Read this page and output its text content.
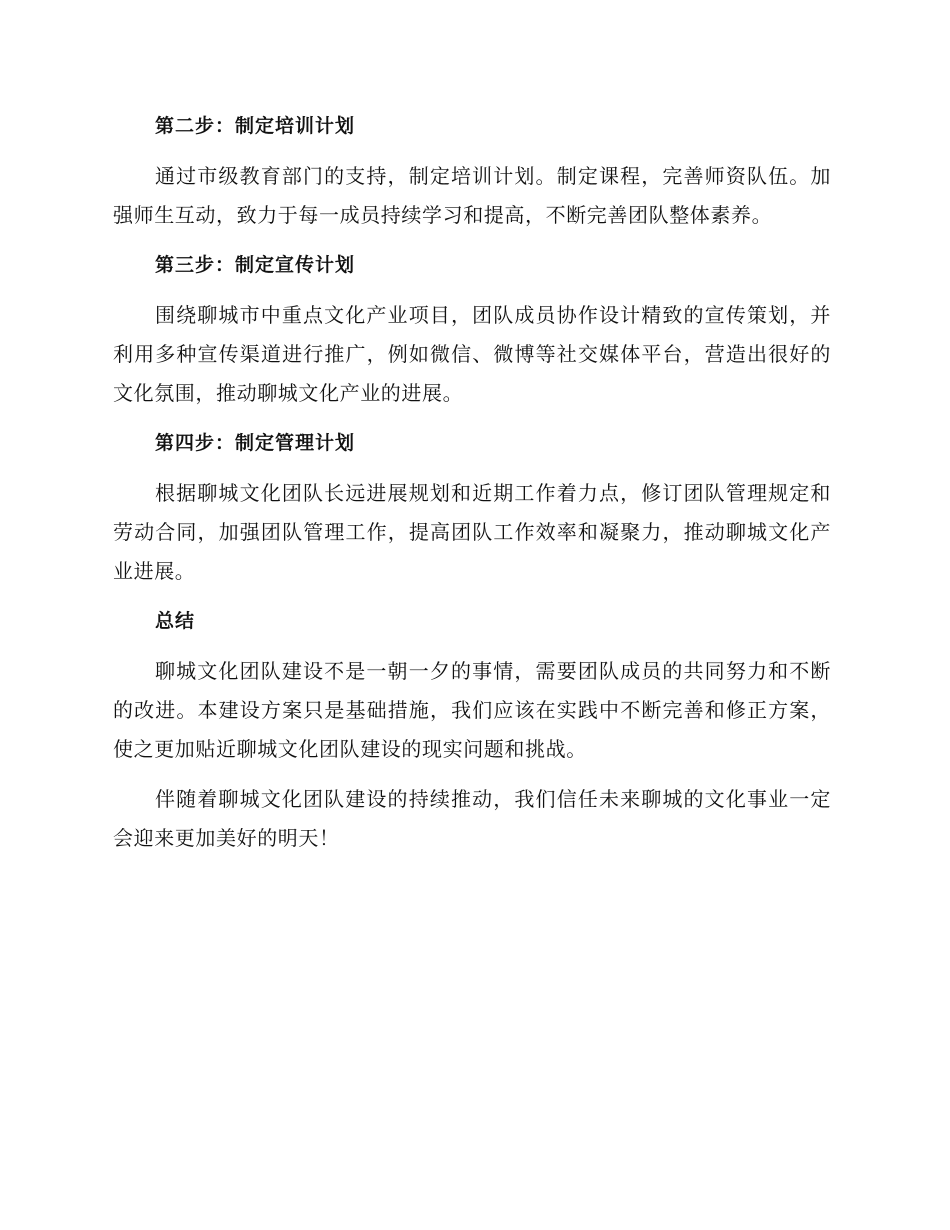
第二步：制定培训计划

通过市级教育部门的支持，制定培训计划。制定课程，完善师资队伍。加强师生互动，致力于每一成员持续学习和提高，不断完善团队整体素养。

第三步：制定宣传计划

围绕聊城市中重点文化产业项目，团队成员协作设计精致的宣传策划，并利用多种宣传渠道进行推广，例如微信、微博等社交媒体平台，营造出很好的文化氛围，推动聊城文化产业的进展。

第四步：制定管理计划

根据聊城文化团队长远进展规划和近期工作着力点，修订团队管理规定和劳动合同，加强团队管理工作，提高团队工作效率和凝聚力，推动聊城文化产业进展。

总结

聊城文化团队建设不是一朝一夕的事情，需要团队成员的共同努力和不断的改进。本建设方案只是基础措施，我们应该在实践中不断完善和修正方案，使之更加贴近聊城文化团队建设的现实问题和挑战。

伴随着聊城文化团队建设的持续推动，我们信任未来聊城的文化事业一定会迎来更加美好的明天！
